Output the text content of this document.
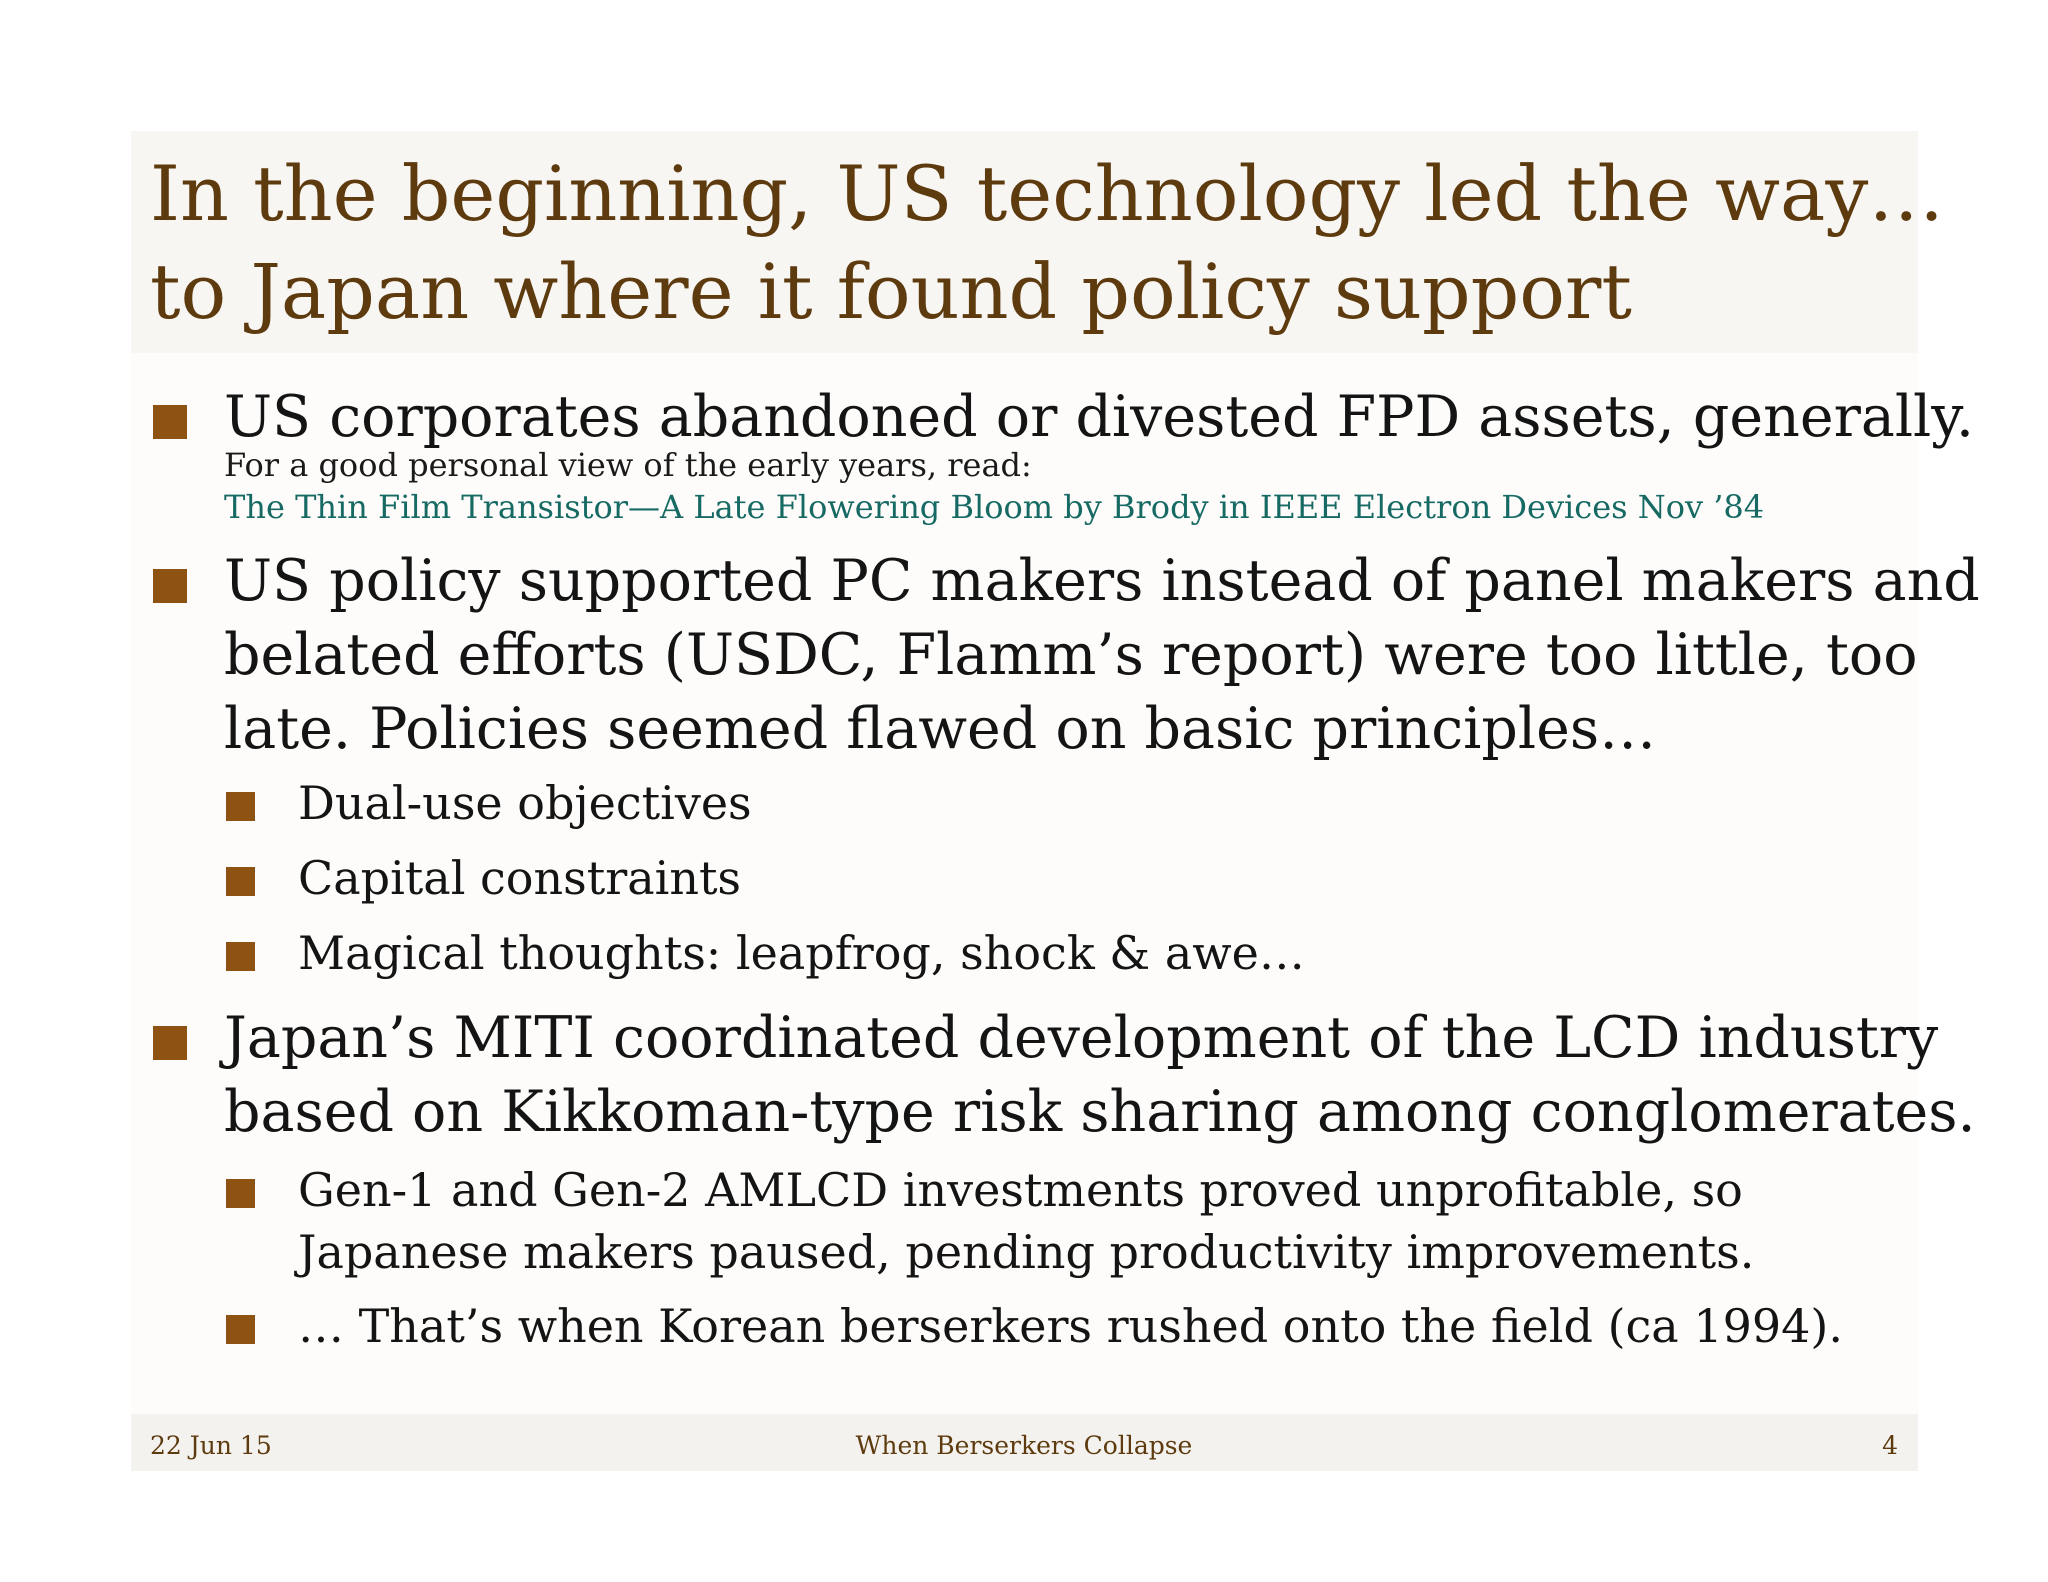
In the beginning, US technology led the way…
to Japan where it found policy support
US corporates abandoned or divested FPD assets, generally.
For a good personal view of the early years, read:
The Thin Film Transistor—A Late Flowering Bloom by Brody in IEEE Electron Devices Nov ’84
US policy supported PC makers instead of panel makers and
belated efforts (USDC, Flamm’s report) were too little, too
late. Policies seemed flawed on basic principles…
Dual-use objectives
Capital constraints
Magical thoughts: leapfrog, shock & awe…
Japan’s MITI coordinated development of the LCD industry
based on Kikkoman-type risk sharing among conglomerates.
Gen-1 and Gen-2 AMLCD investments proved unprofitable, so
Japanese makers paused, pending productivity improvements.
… That’s when Korean berserkers rushed onto the field (ca 1994).
22 Jun 15	When Berserkers Collapse	4
